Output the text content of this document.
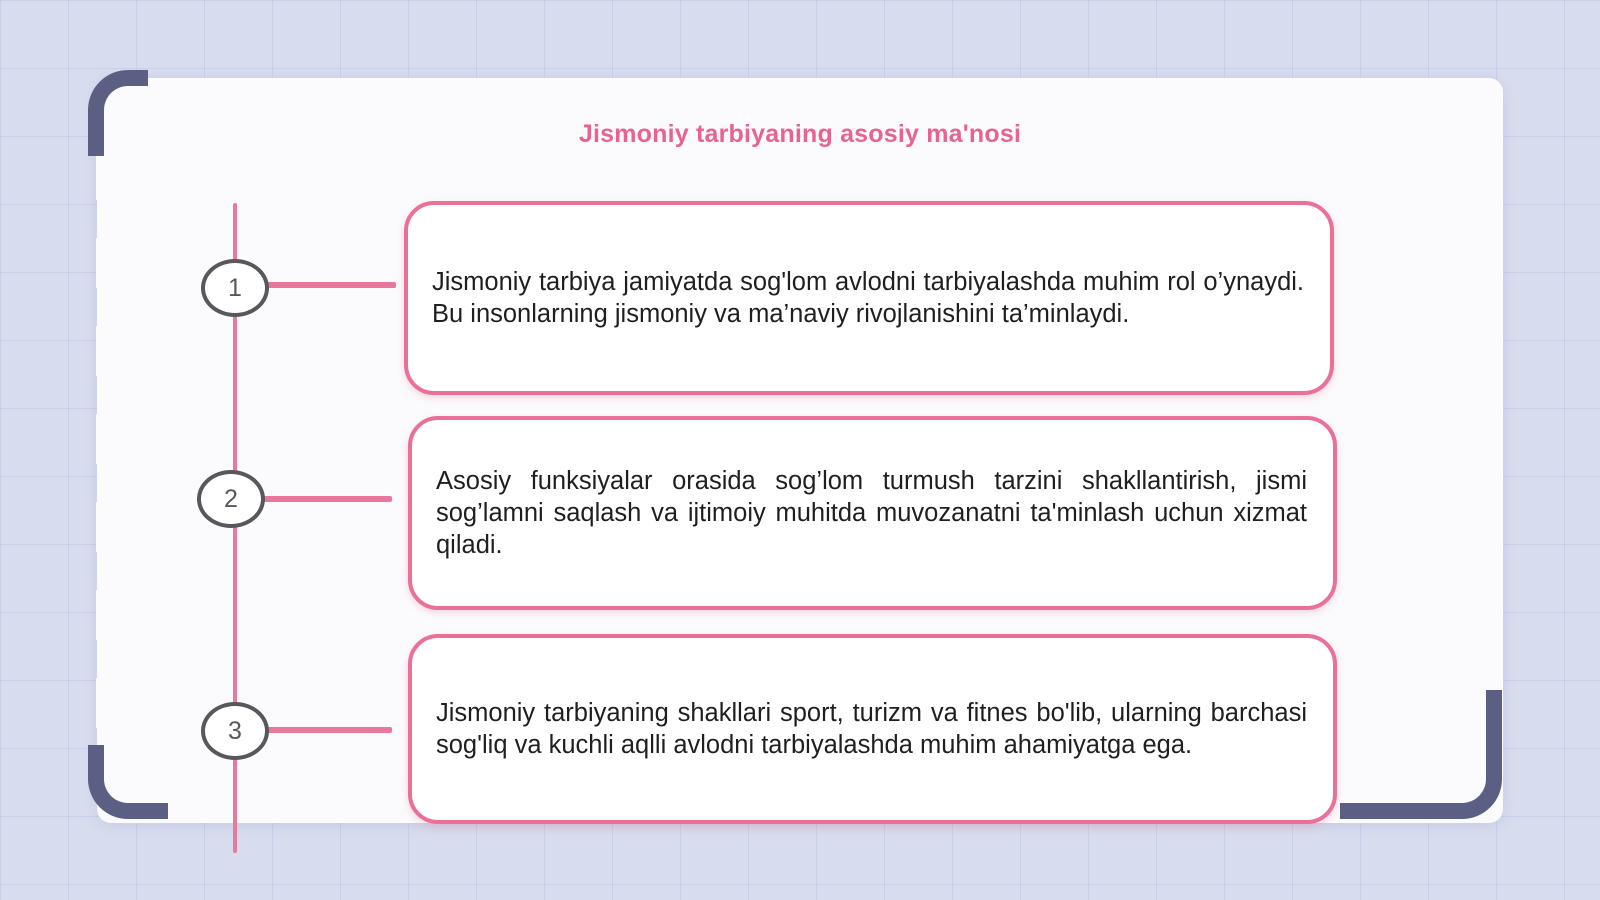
Jismoniy tarbiyaning asosiy ma'nosi
1	Jismoniy tarbiya jamiyatda sog'lom avlodni tarbiyalashda muhim rol o’ynaydi. Bu insonlarning jismoniy va ma’naviy rivojlanishini ta’minlaydi.

2

Asosiy funksiyalar orasida sog’lom turmush tarzini shakllantirish, jismi sog’lamni saqlash va ijtimoiy muhitda muvozanatni ta'minlash uchun xizmat qiladi.

3

Jismoniy tarbiyaning shakllari sport, turizm va fitnes bo'lib, ularning barchasi sog'liq va kuchli aqlli avlodni tarbiyalashda muhim ahamiyatga ega.
